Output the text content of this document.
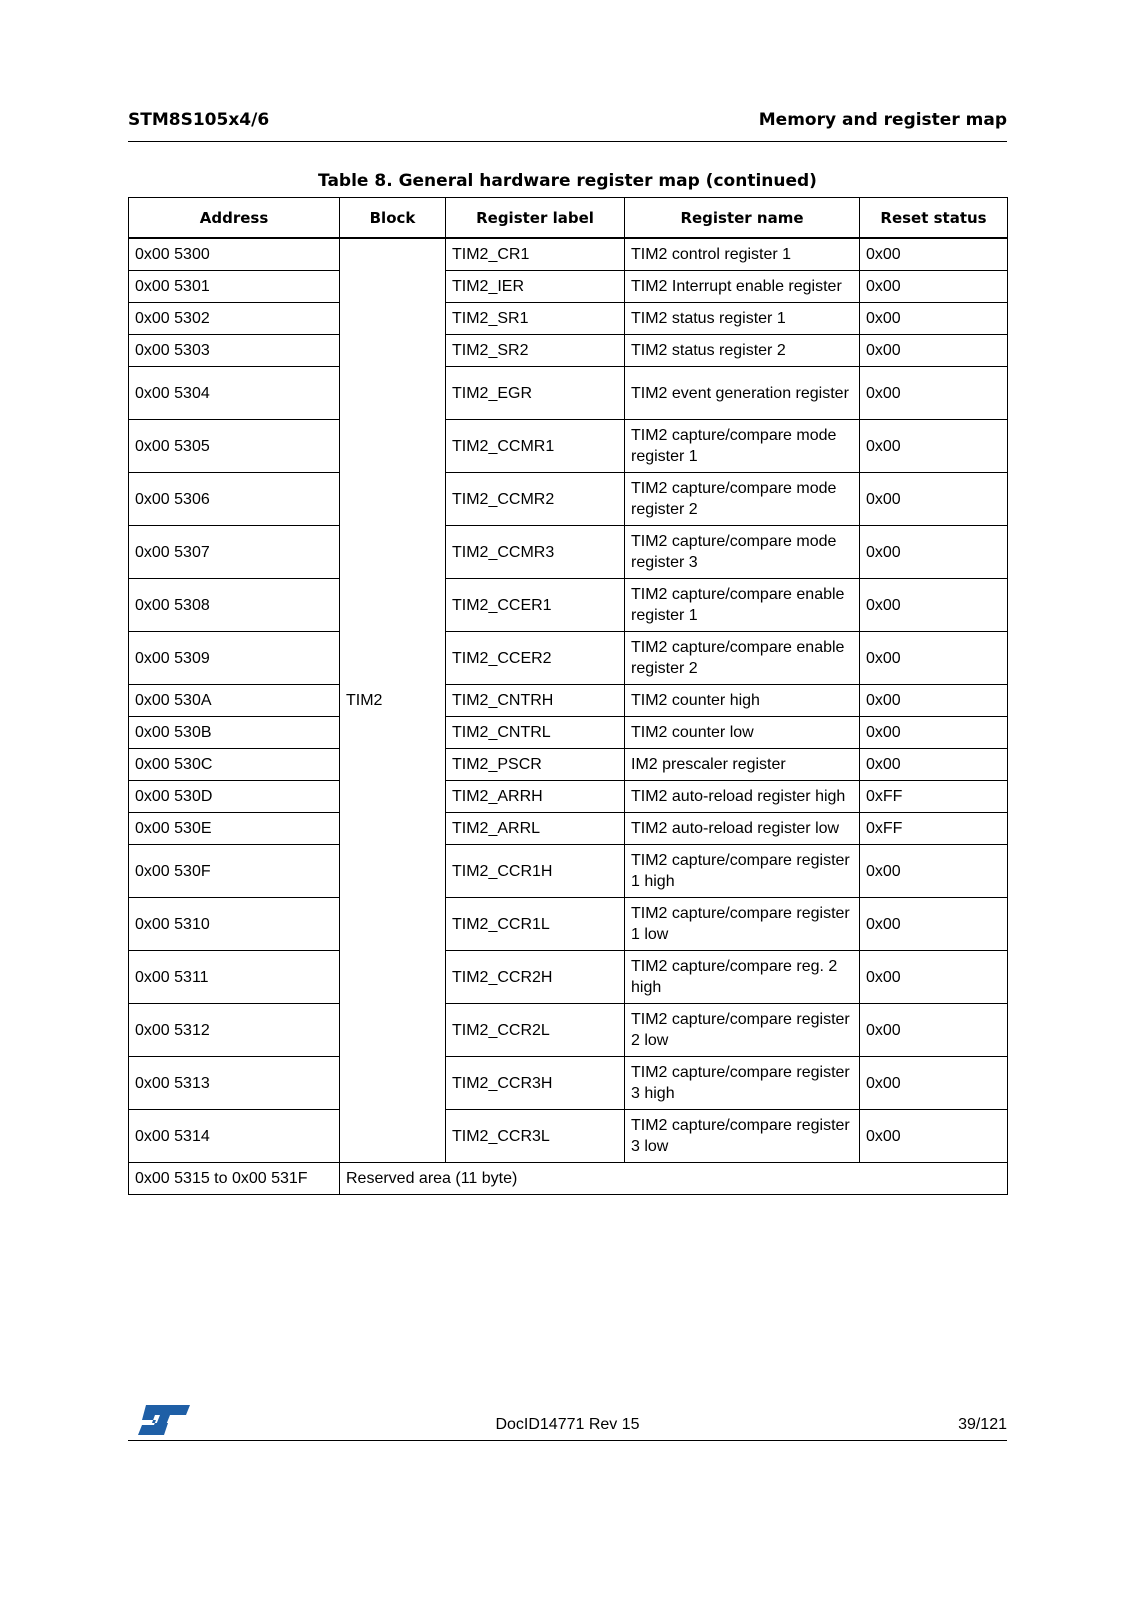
STM8S105x4/6	Memory and register map
Table 8. General hardware register map (continued)
Address	Block	Register label	Register name	Reset status
0x00 5300	TIM2	TIM2_CR1	TIM2 control register 1	0x00
0x00 5301		TIM2_IER	TIM2 Interrupt enable register	0x00
0x00 5302		TIM2_SR1	TIM2 status register 1	0x00
0x00 5303		TIM2_SR2	TIM2 status register 2	0x00
0x00 5304		TIM2_EGR	TIM2 event generation register	0x00
0x00 5305		TIM2_CCMR1	TIM2 capture/compare mode register 1	0x00
0x00 5306		TIM2_CCMR2	TIM2 capture/compare mode register 2	0x00
0x00 5307		TIM2_CCMR3	TIM2 capture/compare mode register 3	0x00
0x00 5308		TIM2_CCER1	TIM2 capture/compare enable register 1	0x00
0x00 5309		TIM2_CCER2	TIM2 capture/compare enable register 2	0x00
0x00 530A		TIM2_CNTRH	TIM2 counter high	0x00
0x00 530B		TIM2_CNTRL	TIM2 counter low	0x00
0x00 530C		TIM2_PSCR	IM2 prescaler register	0x00
0x00 530D		TIM2_ARRH	TIM2 auto-reload register high	0xFF
0x00 530E		TIM2_ARRL	TIM2 auto-reload register low	0xFF
0x00 530F		TIM2_CCR1H	TIM2 capture/compare register 1 high	0x00
0x00 5310		TIM2_CCR1L	TIM2 capture/compare register 1 low	0x00
0x00 5311		TIM2_CCR2H	TIM2 capture/compare reg. 2 high	0x00
0x00 5312		TIM2_CCR2L	TIM2 capture/compare register 2 low	0x00
0x00 5313		TIM2_CCR3H	TIM2 capture/compare register 3 high	0x00
0x00 5314		TIM2_CCR3L	TIM2 capture/compare register 3 low	0x00
0x00 5315 to 0x00 531F	Reserved area (11 byte)			
DocID14771 Rev 15	39/121
